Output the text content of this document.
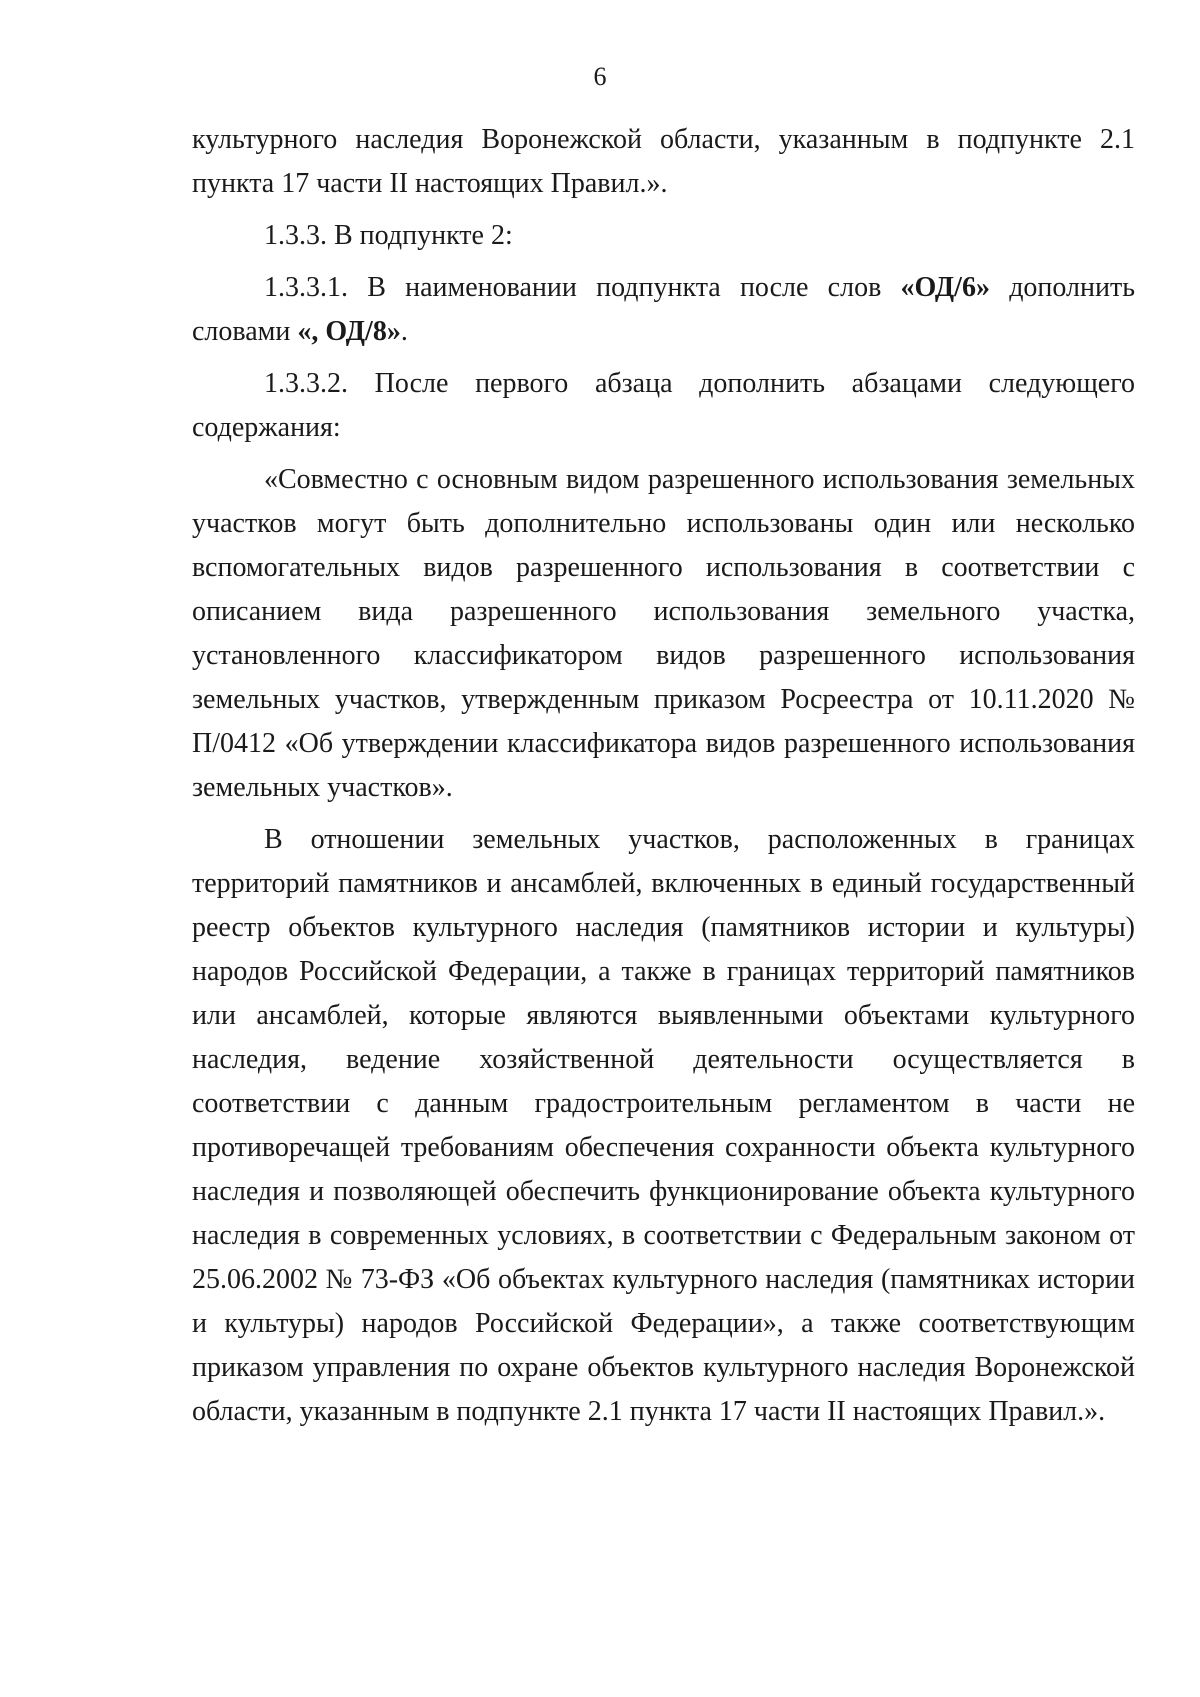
6

культурного наследия Воронежской области, указанным в подпункте 2.1 пункта 17 части II настоящих Правил.».

1.3.3. В подпункте 2:

1.3.3.1. В наименовании подпункта после слов «ОД/6» дополнить словами «, ОД/8».

1.3.3.2. После первого абзаца дополнить абзацами следующего содержания:

«Совместно с основным видом разрешенного использования земельных участков могут быть дополнительно использованы один или несколько вспомогательных видов разрешенного использования в соответствии с описанием вида разрешенного использования земельного участка, установленного классификатором видов разрешенного использования земельных участков, утвержденным приказом Росреестра от 10.11.2020 № П/0412 «Об утверждении классификатора видов разрешенного использования земельных участков».

В отношении земельных участков, расположенных в границах территорий памятников и ансамблей, включенных в единый государственный реестр объектов культурного наследия (памятников истории и культуры) народов Российской Федерации, а также в границах территорий памятников или ансамблей, которые являются выявленными объектами культурного наследия, ведение хозяйственной деятельности осуществляется в соответствии с данным градостроительным регламентом в части не противоречащей требованиям обеспечения сохранности объекта культурного наследия и позволяющей обеспечить функционирование объекта культурного наследия в современных условиях, в соответствии с Федеральным законом от 25.06.2002 № 73-ФЗ «Об объектах культурного наследия (памятниках истории и культуры) народов Российской Федерации», а также соответствующим приказом управления по охране объектов культурного наследия Воронежской области, указанным в подпункте 2.1 пункта 17 части II настоящих Правил.».
